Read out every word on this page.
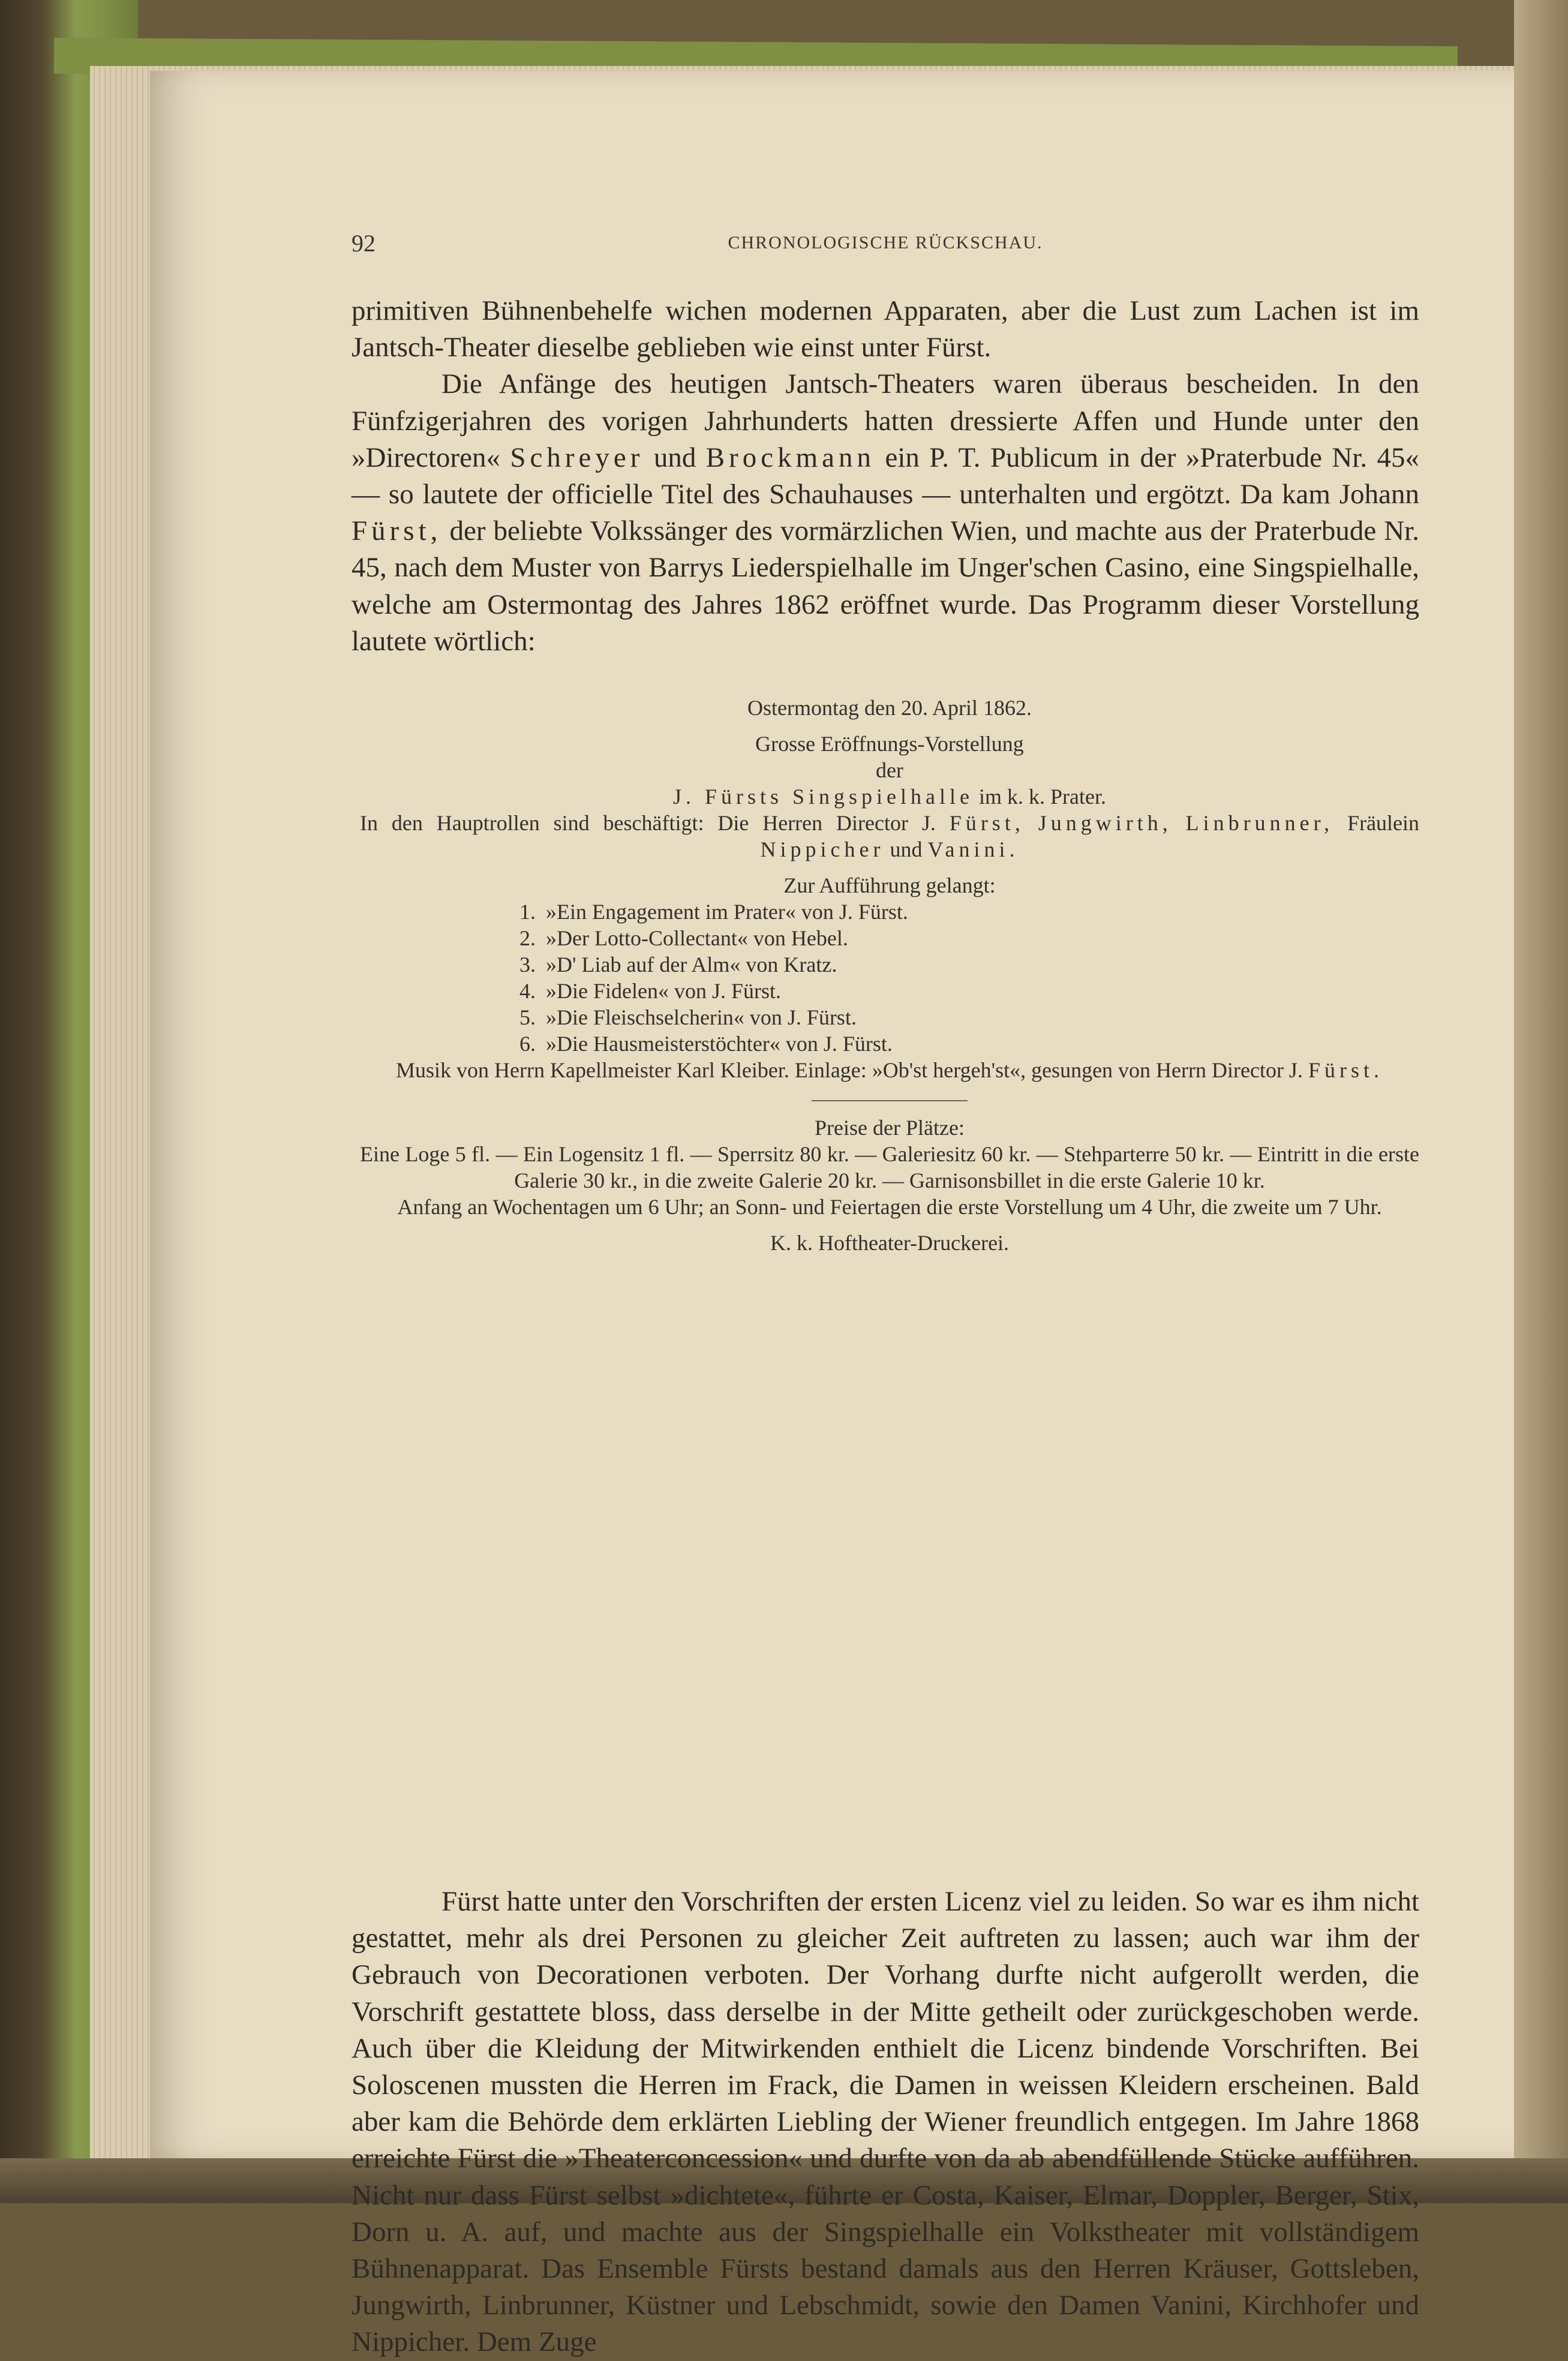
92	CHRONOLOGISCHE RÜCKSCHAU.

primitiven Bühnenbehelfe wichen modernen Apparaten, aber die Lust zum Lachen ist im Jantsch-Theater dieselbe geblieben wie einst unter Fürst.

Die Anfänge des heutigen Jantsch-Theaters waren überaus bescheiden. In den Fünfzigerjahren des vorigen Jahrhunderts hatten dressierte Affen und Hunde unter den »Directoren« Schreyer und Brockmann ein P. T. Publicum in der »Praterbude Nr. 45« — so lautete der officielle Titel des Schauhauses — unterhalten und ergötzt. Da kam Johann Fürst, der beliebte Volkssänger des vormärzlichen Wien, und machte aus der Praterbude Nr. 45, nach dem Muster von Barrys Liederspielhalle im Unger'schen Casino, eine Singspielhalle, welche am Ostermontag des Jahres 1862 eröffnet wurde. Das Programm dieser Vorstellung lautete wörtlich:

Ostermontag den 20. April 1862.

Grosse Eröffnungs-Vorstellung

der

J. Fürsts Singspielhalle im k. k. Prater.

In den Hauptrollen sind beschäftigt: Die Herren Director J. Fürst, Jungwirth, Linbrunner, Fräulein Nippicher und Vanini.

Zur Aufführung gelangt:

1. »Ein Engagement im Prater« von J. Fürst.
2. »Der Lotto-Collectant« von Hebel.
3. »D' Liab auf der Alm« von Kratz.
4. »Die Fidelen« von J. Fürst.
5. »Die Fleischselcherin« von J. Fürst.
6. »Die Hausmeisterstöchter« von J. Fürst.

Musik von Herrn Kapellmeister Karl Kleiber. Einlage: »Ob'st hergeh'st«, gesungen von Herrn Director J. Fürst.

Preise der Plätze:

Eine Loge 5 fl. — Ein Logensitz 1 fl. — Sperrsitz 80 kr. — Galeriesitz 60 kr. — Stehparterre 50 kr. — Eintritt in die erste Galerie 30 kr., in die zweite Galerie 20 kr. — Garnisonsbillet in die erste Galerie 10 kr.

Anfang an Wochentagen um 6 Uhr; an Sonn- und Feiertagen die erste Vorstellung um 4 Uhr, die zweite um 7 Uhr.

K. k. Hoftheater-Druckerei.

Fürst hatte unter den Vorschriften der ersten Licenz viel zu leiden. So war es ihm nicht gestattet, mehr als drei Personen zu gleicher Zeit auftreten zu lassen; auch war ihm der Gebrauch von Decorationen verboten. Der Vorhang durfte nicht aufgerollt werden, die Vorschrift gestattete bloss, dass derselbe in der Mitte getheilt oder zurückgeschoben werde. Auch über die Kleidung der Mitwirkenden enthielt die Licenz bindende Vorschriften. Bei Soloscenen mussten die Herren im Frack, die Damen in weissen Kleidern erscheinen. Bald aber kam die Behörde dem erklärten Liebling der Wiener freundlich entgegen. Im Jahre 1868 erreichte Fürst die »Theaterconcession« und durfte von da ab abendfüllende Stücke aufführen. Nicht nur dass Fürst selbst »dichtete«, führte er Costa, Kaiser, Elmar, Doppler, Berger, Stix, Dorn u. A. auf, und machte aus der Singspielhalle ein Volkstheater mit vollständigem Bühnenapparat. Das Ensemble Fürsts bestand damals aus den Herren Kräuser, Gottsleben, Jungwirth, Linbrunner, Küstner und Lebschmidt, sowie den Damen Vanini, Kirchhofer und Nippicher. Dem Zuge
